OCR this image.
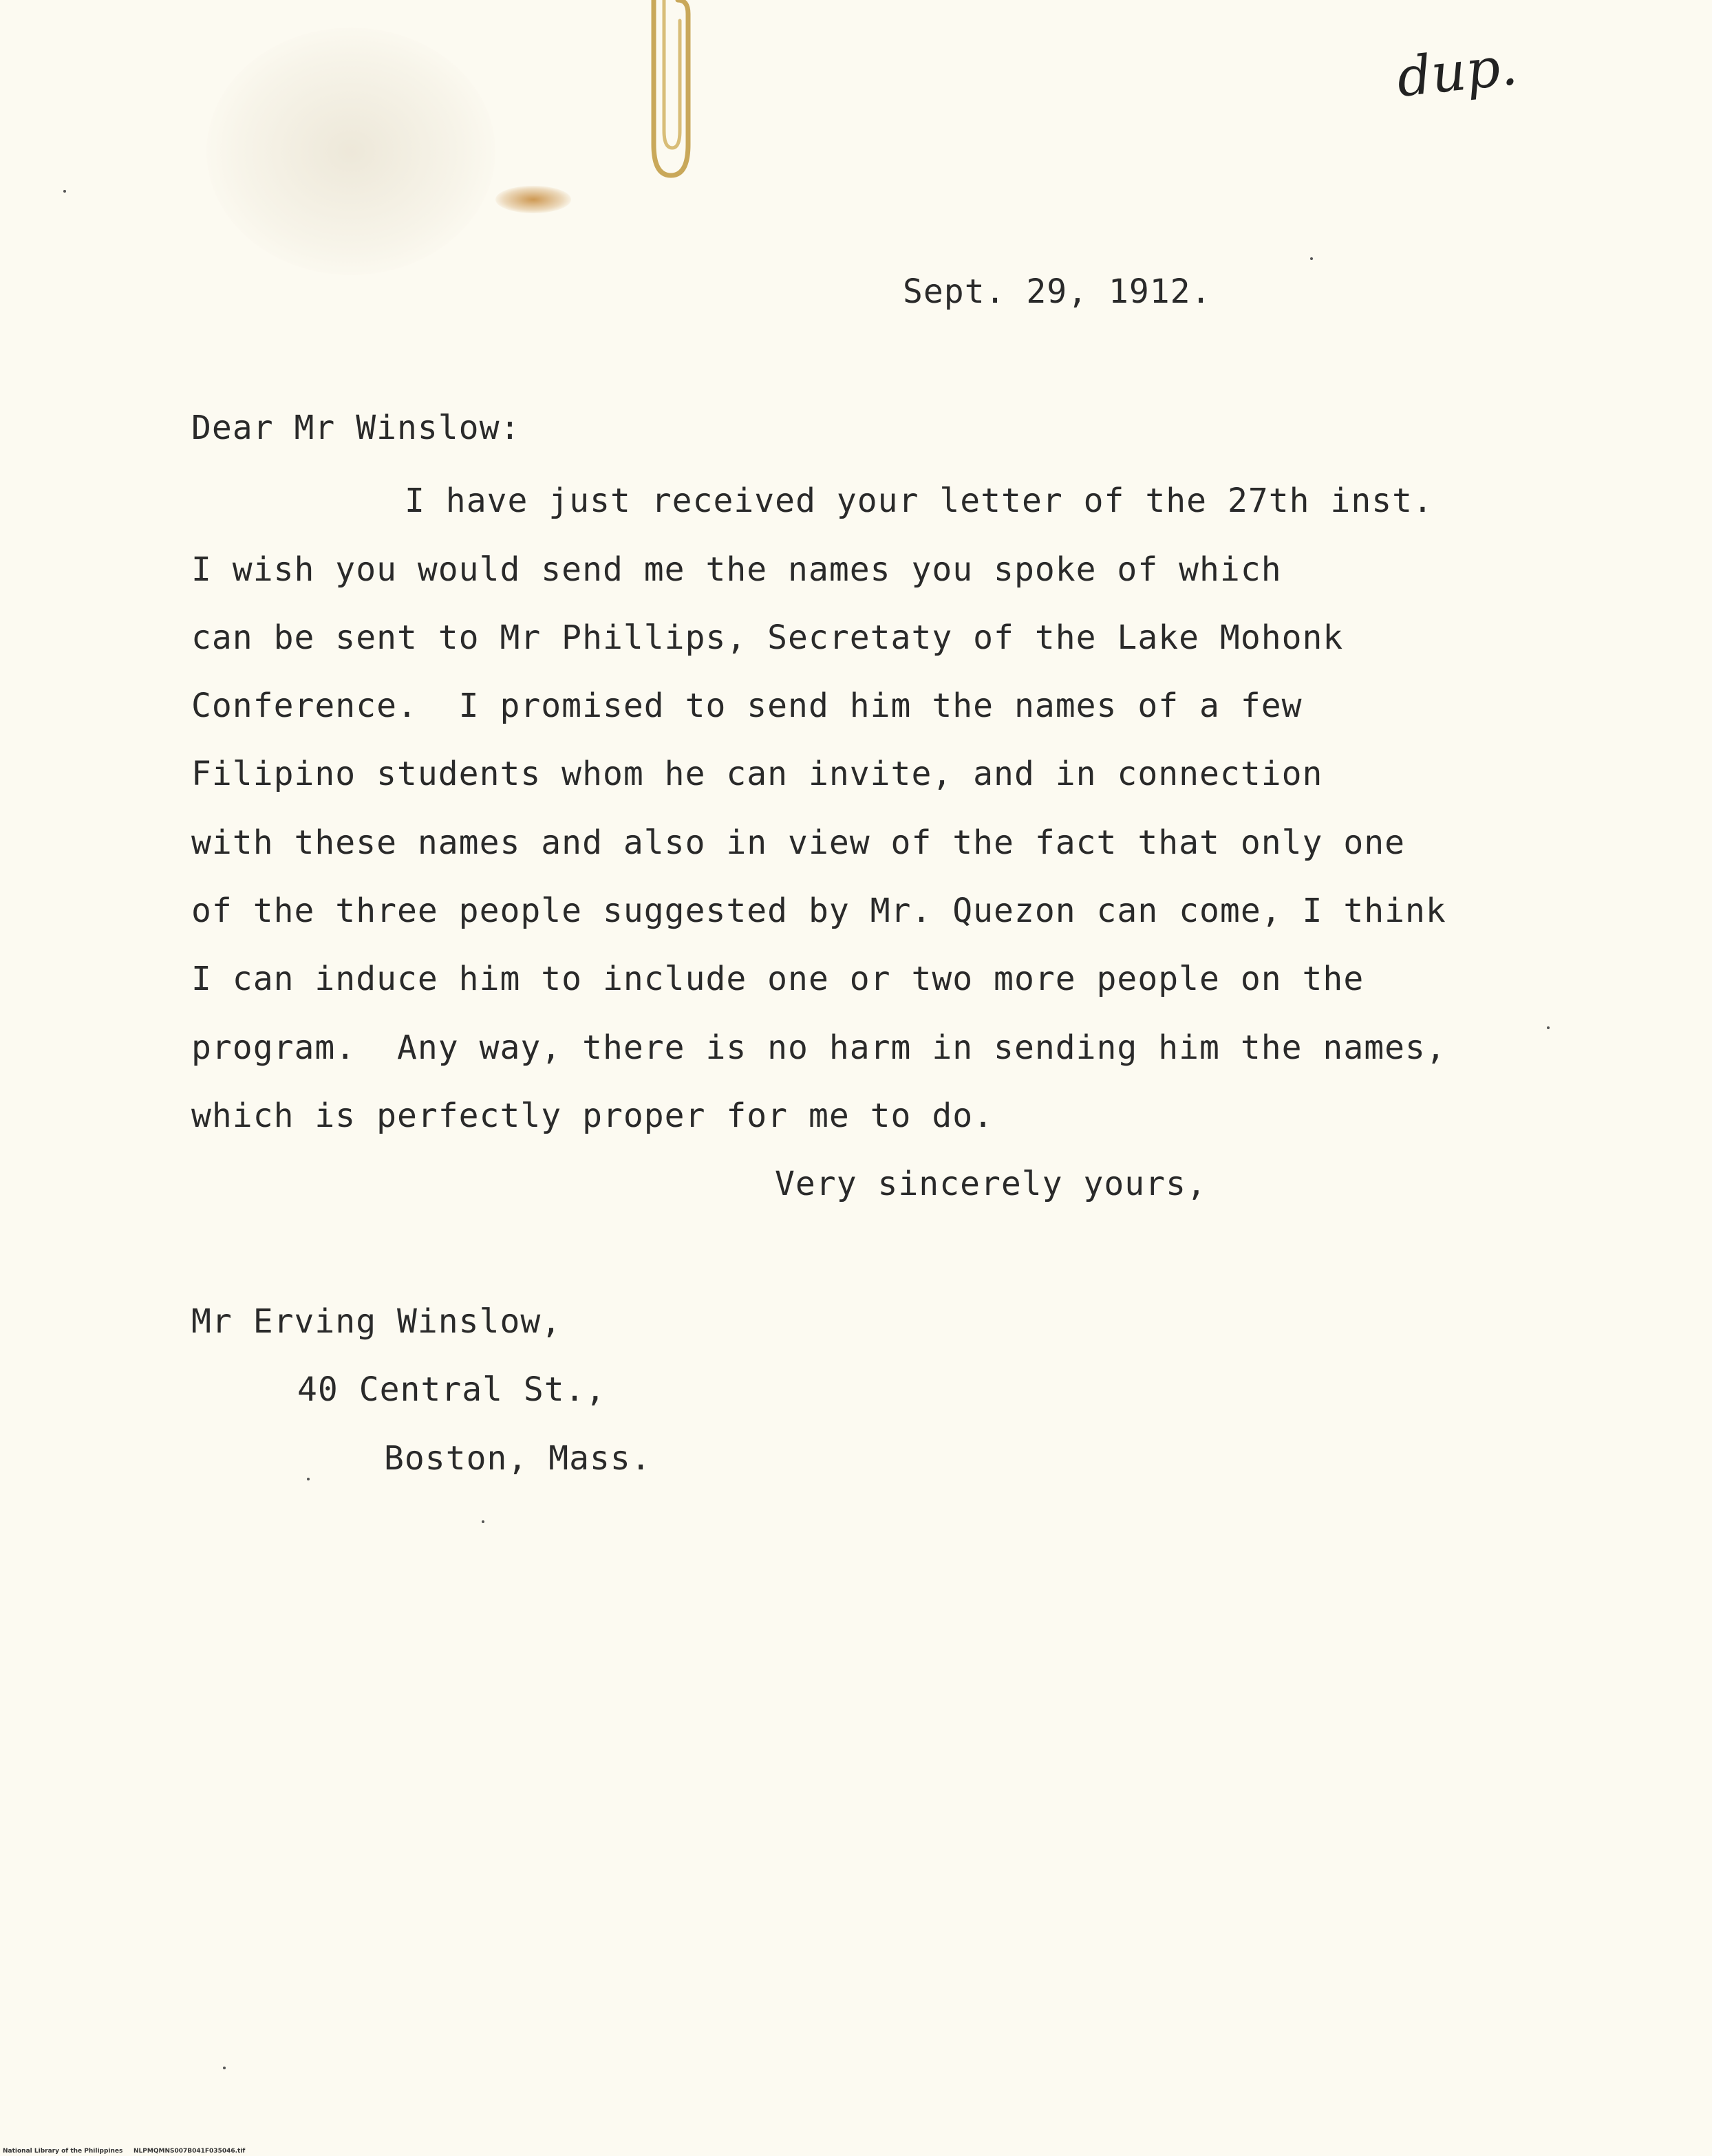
dup.
Sept. 29, 1912.
Dear Mr Winslow:
I have just received your letter of the 27th inst.
I wish you would send me the names you spoke of which
can be sent to Mr Phillips, Secretaty of the Lake Mohonk
Conference.  I promised to send him the names of a few
Filipino students whom he can invite, and in connection
with these names and also in view of the fact that only one
of the three people suggested by Mr. Quezon can come, I think
I can induce him to include one or two more people on the
program.  Any way, there is no harm in sending him the names,
which is perfectly proper for me to do.
Very sincerely yours,
Mr Erving Winslow,
40 Central St.,
Boston, Mass.
National Library of the Philippines     NLPMQMNS007B041F035046.tif
